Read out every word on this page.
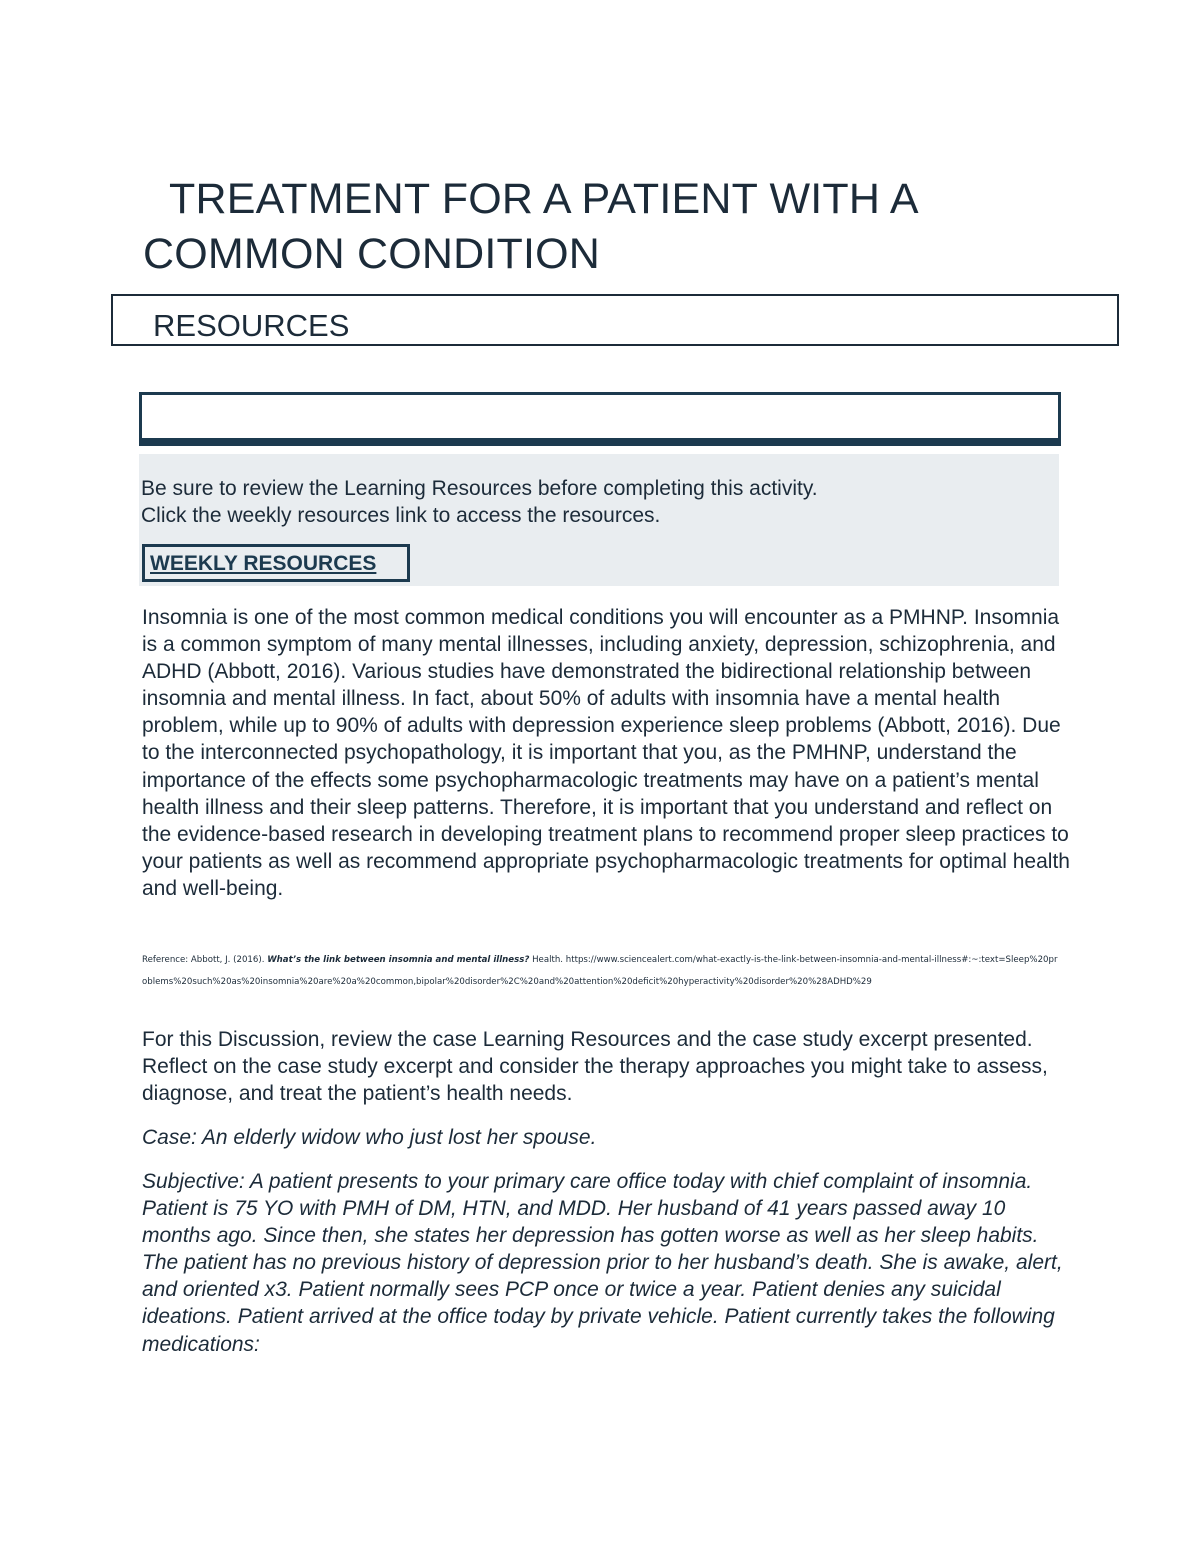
TREATMENT FOR A PATIENT WITH A
COMMON CONDITION
RESOURCES

Be sure to review the Learning Resources before completing this activity.

Click the weekly resources link to access the resources.

WEEKLY RESOURCES

Insomnia is one of the most common medical conditions you will encounter as a PMHNP. Insomnia is a common symptom of many mental illnesses, including anxiety, depression, schizophrenia, and ADHD (Abbott, 2016). Various studies have demonstrated the bidirectional relationship between insomnia and mental illness. In fact, about 50% of adults with insomnia have a mental health problem, while up to 90% of adults with depression experience sleep problems (Abbott, 2016). Due to the interconnected psychopathology, it is important that you, as the PMHNP, understand the importance of the effects some psychopharmacologic treatments may have on a patient’s mental health illness and their sleep patterns. Therefore, it is important that you understand and reflect on the evidence-based research in developing treatment plans to recommend proper sleep practices to your patients as well as recommend appropriate psychopharmacologic treatments for optimal health and well-being.

Reference: Abbott, J. (2016). What’s the link between insomnia and mental illness? Health. https://www.sciencealert.com/what-exactly-is-the-link-between-insomnia-and-mental-illness#:~:text=Sleep%20problems%20such%20as%20insomnia%20are%20a%20common,bipolar%20disorder%2C%20and%20attention%20deficit%20hyperactivity%20disorder%20%28ADHD%29

For this Discussion, review the case Learning Resources and the case study excerpt presented. Reflect on the case study excerpt and consider the therapy approaches you might take to assess, diagnose, and treat the patient’s health needs.

Case: An elderly widow who just lost her spouse.

Subjective: A patient presents to your primary care office today with chief complaint of insomnia. Patient is 75 YO with PMH of DM, HTN, and MDD. Her husband of 41 years passed away 10 months ago. Since then, she states her depression has gotten worse as well as her sleep habits. The patient has no previous history of depression prior to her husband’s death. She is awake, alert, and oriented x3. Patient normally sees PCP once or twice a year. Patient denies any suicidal ideations. Patient arrived at the office today by private vehicle. Patient currently takes the following medications:
